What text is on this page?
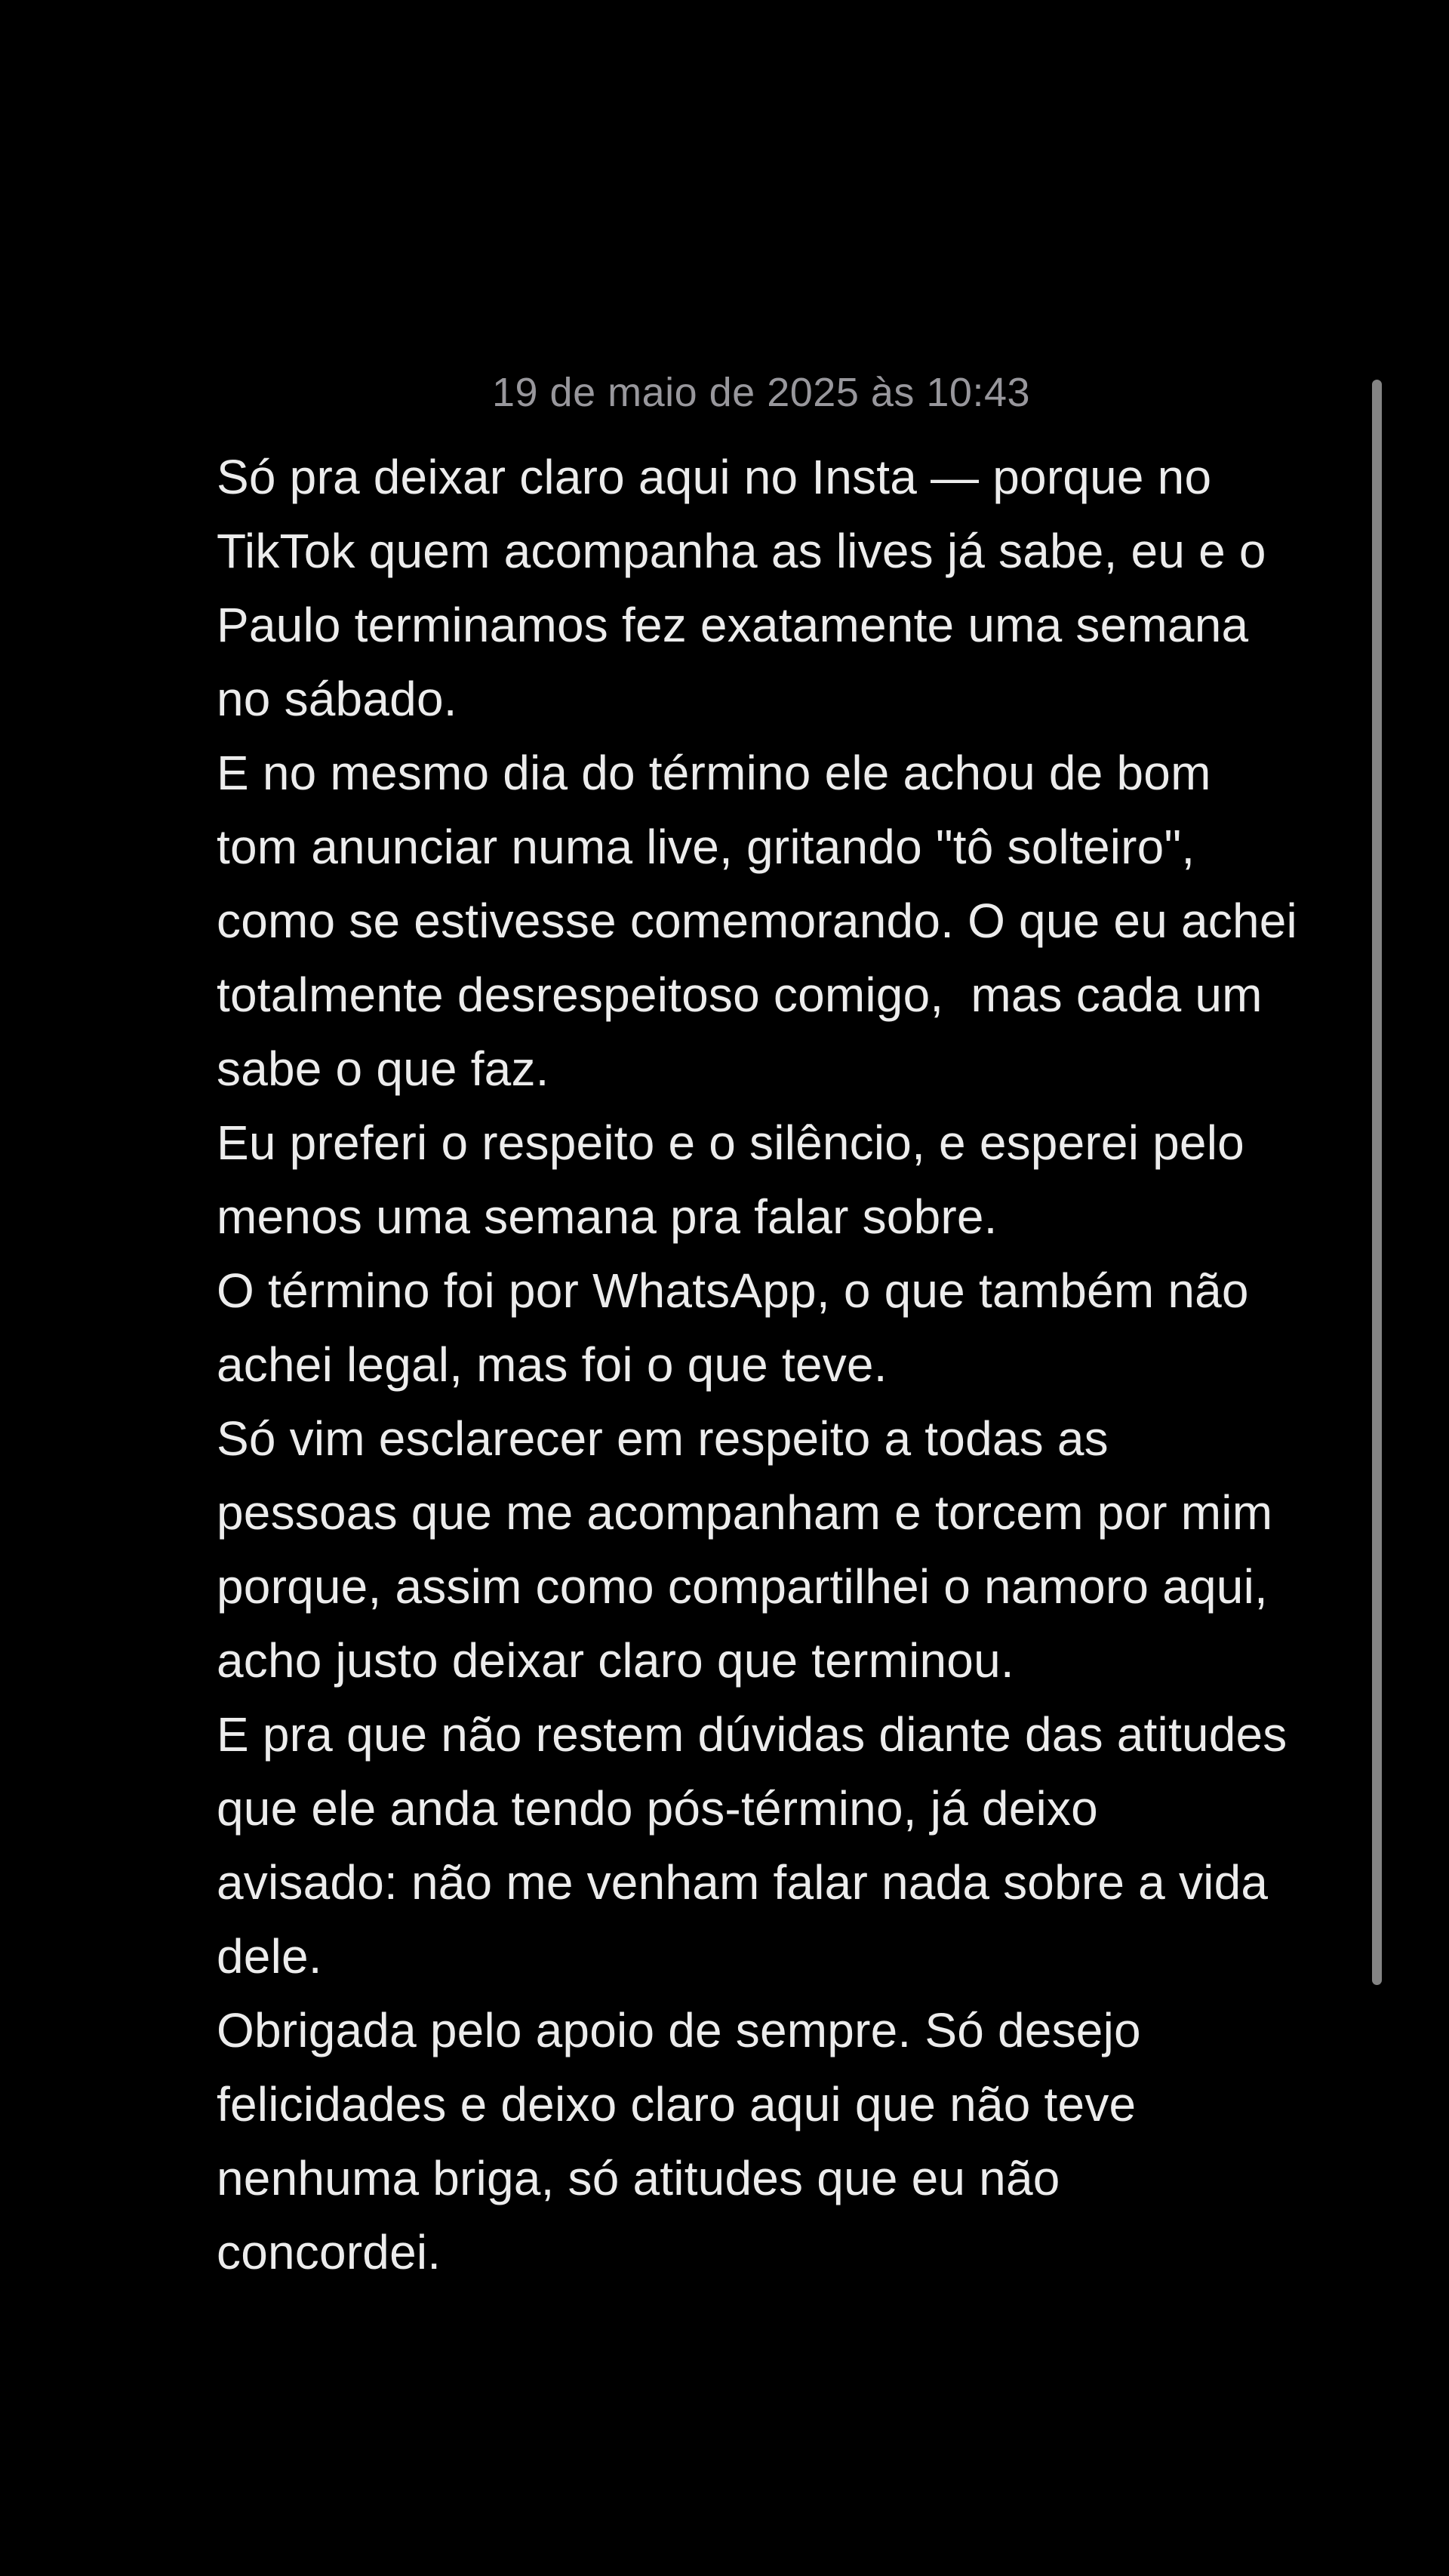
19 de maio de 2025 às 10:43
Só pra deixar claro aqui no Insta — porque no
TikTok quem acompanha as lives já sabe, eu e o
Paulo terminamos fez exatamente uma semana
no sábado.
E no mesmo dia do término ele achou de bom
tom anunciar numa live, gritando "tô solteiro",
como se estivesse comemorando. O que eu achei
totalmente desrespeitoso comigo,  mas cada um
sabe o que faz.
Eu preferi o respeito e o silêncio, e esperei pelo
menos uma semana pra falar sobre.
O término foi por WhatsApp, o que também não
achei legal, mas foi o que teve.
Só vim esclarecer em respeito a todas as
pessoas que me acompanham e torcem por mim
porque, assim como compartilhei o namoro aqui,
acho justo deixar claro que terminou.
E pra que não restem dúvidas diante das atitudes
que ele anda tendo pós-término, já deixo
avisado: não me venham falar nada sobre a vida
dele.
Obrigada pelo apoio de sempre. Só desejo
felicidades e deixo claro aqui que não teve
nenhuma briga, só atitudes que eu não
concordei.
